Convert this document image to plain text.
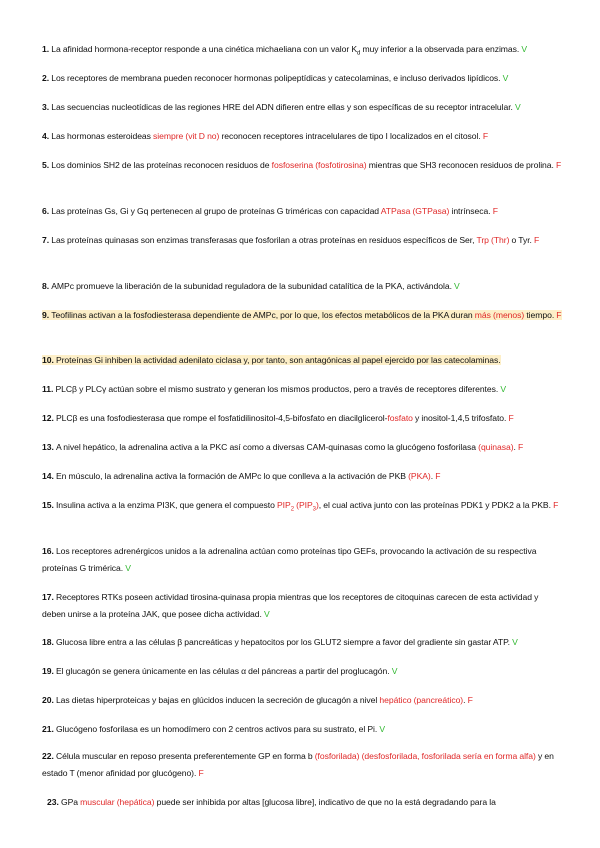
1. La afinidad hormona-receptor responde a una cinética michaeliana con un valor $K_d$ muy inferior a la observada para enzimas. V
2. Los receptores de membrana pueden reconocer hormonas polipeptídicas y catecolaminas, e incluso derivados lipídicos. V
3. Las secuencias nucleotídicas de las regiones HRE del ADN difieren entre ellas y son específicas de su receptor intracelular. V
4. Las hormonas esteroideas siempre (vit D no) reconocen receptores intracelulares de tipo I localizados en el citosol. F
5. Los dominios SH2 de las proteínas reconocen residuos de fosfoserina (fosfotirosina) mientras que SH3 reconocen residuos de prolina. F
6. Las proteínas Gs, Gi y Gq pertenecen al grupo de proteínas G triméricas con capacidad ATPasa (GTPasa) intrínseca. F
7. Las proteínas quinasas son enzimas transferasas que fosforilan a otras proteínas en residuos específicos de Ser, Trp (Thr) o Tyr. F
8. AMPc promueve la liberación de la subunidad reguladora de la subunidad catalítica de la PKA, activándola. V
9. Teofilinas activan a la fosfodiesterasa dependiente de AMPc, por lo que, los efectos metabólicos de la PKA duran más (menos) tiempo. F
10. Proteínas Gi inhiben la actividad adenilato ciclasa y, por tanto, son antagónicas al papel ejercido por las catecolaminas.
11. PLCβ y PLCγ actúan sobre el mismo sustrato y generan los mismos productos, pero a través de receptores diferentes. V
12. PLCβ es una fosfodiesterasa que rompe el fosfatidilinositol-4,5-bifosfato en diacilglicerol-fosfato y inositol-1,4,5 trifosfato. F
13. A nivel hepático, la adrenalina activa a la PKC así como a diversas CAM-quinasas como la glucógeno fosforilasa (quinasa). F
14. En músculo, la adrenalina activa la formación de AMPc lo que conlleva a la activación de PKB (PKA). F
15. Insulina activa a la enzima PI3K, que genera el compuesto $PIP_2$ $(PIP_3)$, el cual activa junto con las proteínas PDK1 y PDK2 a la PKB. F
16. Los receptores adrenérgicos unidos a la adrenalina actúan como proteínas tipo GEFs, provocando la activación de su respectiva proteínas G trimérica. V
17. Receptores RTKs poseen actividad tirosina-quinasa propia mientras que los receptores de citoquinas carecen de esta actividad y deben unirse a la proteína JAK, que posee dicha actividad. V
18. Glucosa libre entra a las células β pancreáticas y hepatocitos por los GLUT2 siempre a favor del gradiente sin gastar ATP. V
19. El glucagón se genera únicamente en las células α del páncreas a partir del proglucagón. V
20. Las dietas hiperproteicas y bajas en glúcidos inducen la secreción de glucagón a nivel hepático (pancreático). F
21. Glucógeno fosforilasa es un homodímero con 2 centros activos para su sustrato, el Pi. V
22. Célula muscular en reposo presenta preferentemente GP en forma b (fosforilada) (desfosforilada, fosforilada sería en forma alfa) y en estado T (menor afinidad por glucógeno). F
23. GPa muscular (hepática) puede ser inhibida por altas [glucosa libre], indicativo de que no la está degradando para la
